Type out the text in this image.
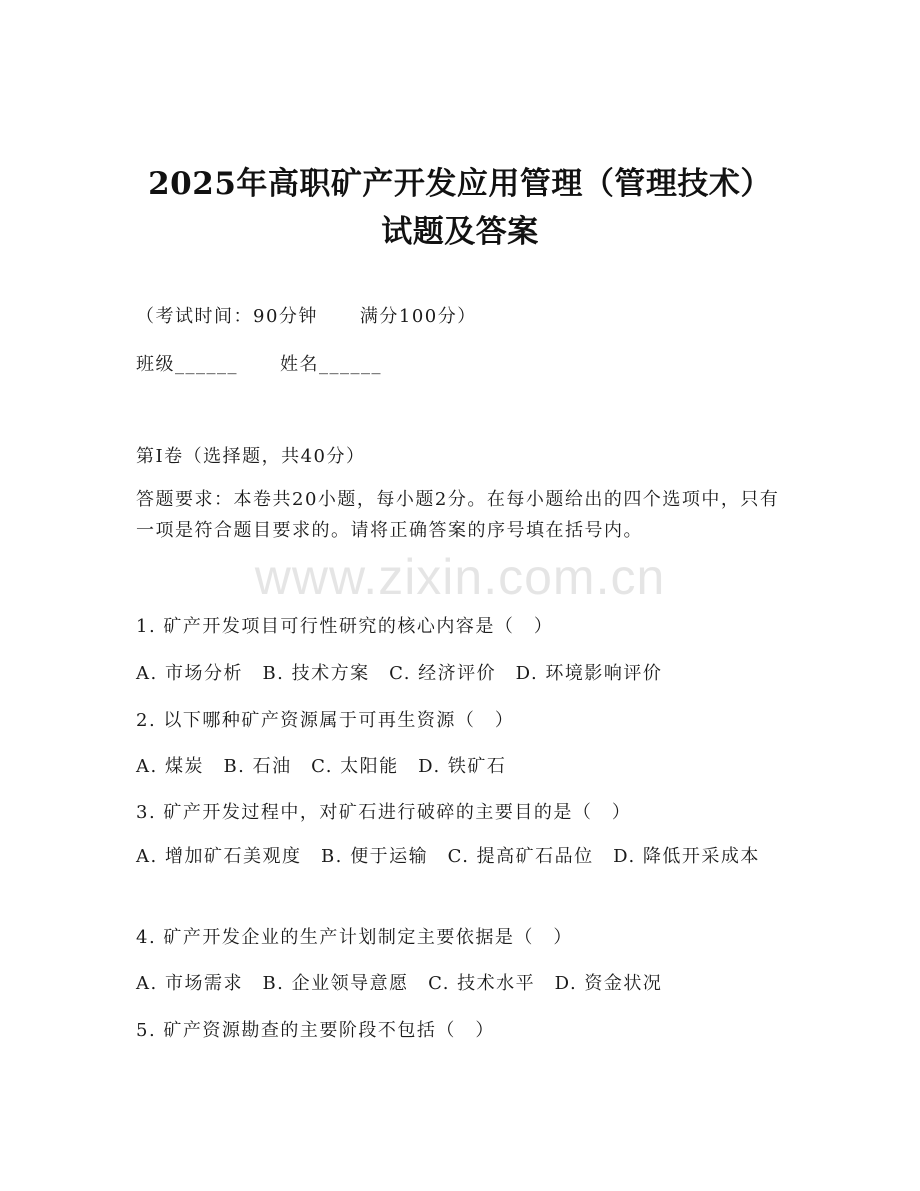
2025年高职矿产开发应用管理（管理技术）
试题及答案
（考试时间：90分钟 满分100分）
班级______ 姓名______
第I卷（选择题，共40分）
答题要求：本卷共20小题，每小题2分。在每小题给出的四个选项中，只有一项是符合题目要求的。请将正确答案的序号填在括号内。
www.zixin.com.cn
1. 矿产开发项目可行性研究的核心内容是（　）
A. 市场分析　B. 技术方案　C. 经济评价　D. 环境影响评价
2. 以下哪种矿产资源属于可再生资源（　）
A. 煤炭　B. 石油　C. 太阳能　D. 铁矿石
3. 矿产开发过程中，对矿石进行破碎的主要目的是（　）
A. 增加矿石美观度　B. 便于运输　C. 提高矿石品位　D. 降低开采成本
4. 矿产开发企业的生产计划制定主要依据是（　）
A. 市场需求　B. 企业领导意愿　C. 技术水平　D. 资金状况
5. 矿产资源勘查的主要阶段不包括（　）
